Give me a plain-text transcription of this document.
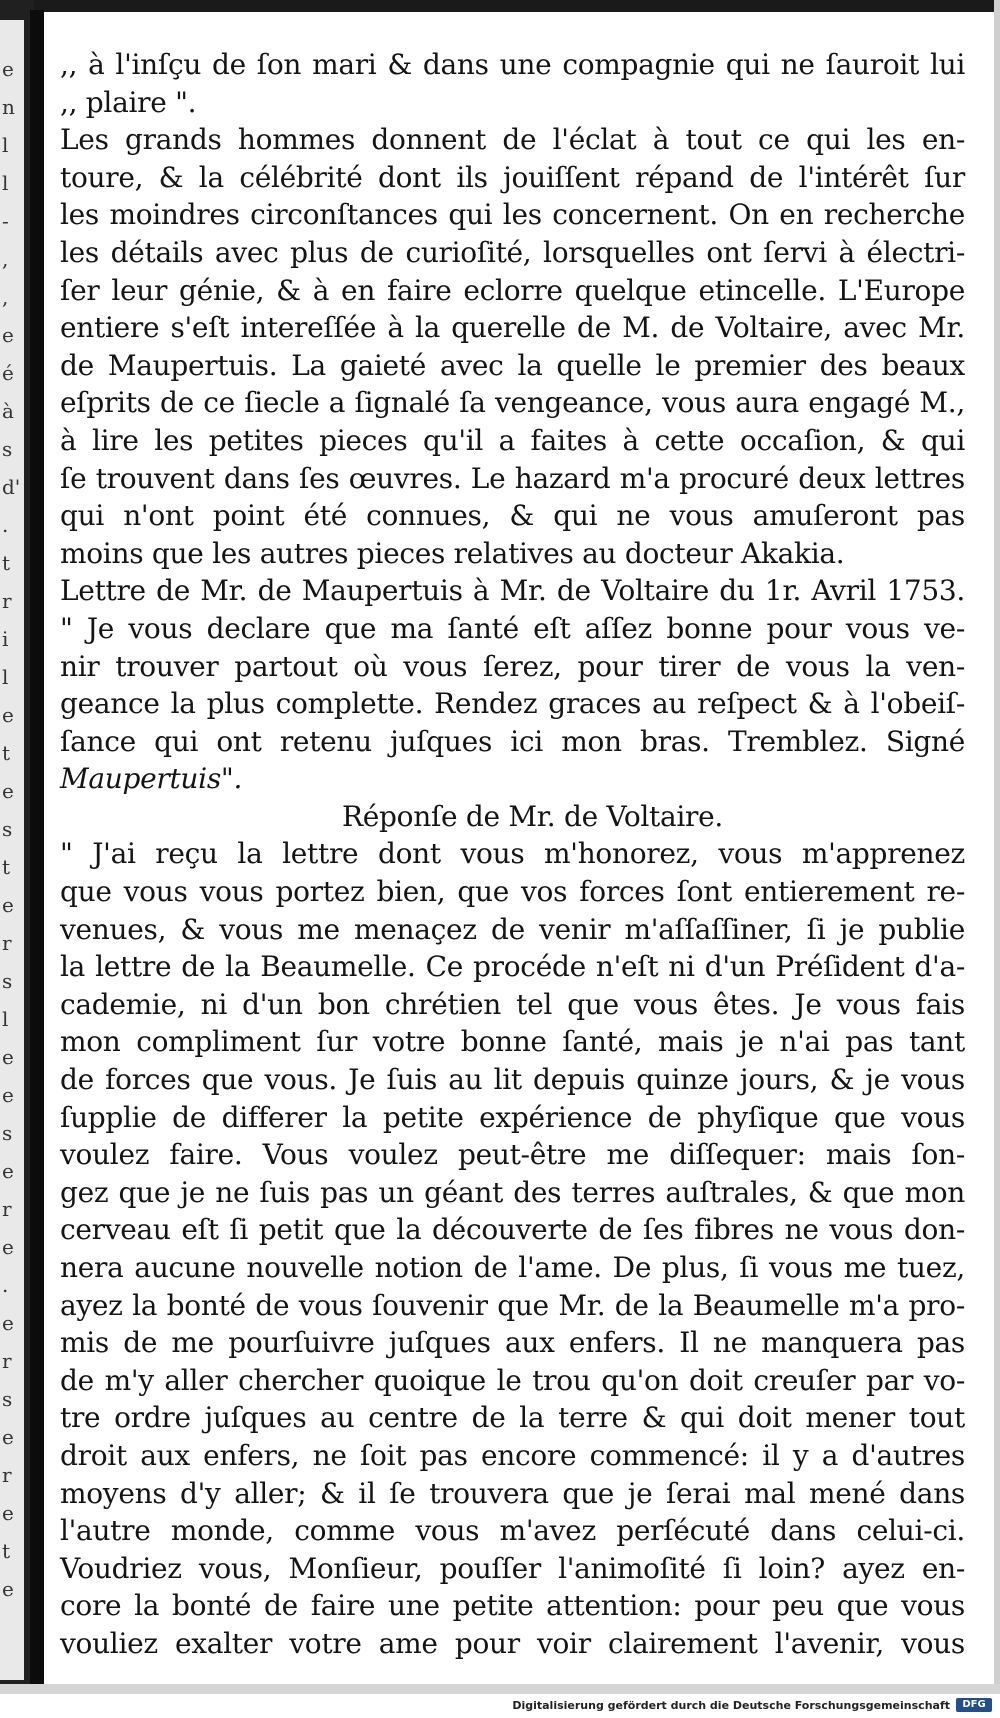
e
n
l
l
-
,
,
e
é
à
s
d'
.
t
r
i
l
e
t
e
s
t
e
r
s
l
e
e
s
e
r
e
.
e
r
s
e
r
e
t
e
,, à l'inſçu de ſon mari & dans une compagnie qui ne ſauroit lui
,, plaire ".
Les grands hommes donnent de l'éclat à tout ce qui les en-
toure, & la célébrité dont ils jouiſſent répand de l'intérêt ſur
les moindres circonſtances qui les concernent. On en recherche
les détails avec plus de curioſité, lorsquelles ont ſervi à électri-
ſer leur génie, & à en faire eclorre quelque etincelle. L'Europe
entiere s'eſt intereſſée à la querelle de M. de Voltaire, avec Mr.
de Maupertuis. La gaieté avec la quelle le premier des beaux
eſprits de ce ſiecle a ſignalé ſa vengeance, vous aura engagé M.,
à lire les petites pieces qu'il a faites à cette occaſion, & qui
ſe trouvent dans ſes œuvres. Le hazard m'a procuré deux lettres
qui n'ont point été connues, & qui ne vous amuſeront pas
moins que les autres pieces relatives au docteur Akakia.
Lettre de Mr. de Maupertuis à Mr. de Voltaire du 1r. Avril 1753.
" Je vous declare que ma ſanté eſt aſſez bonne pour vous ve-
nir trouver partout où vous ſerez, pour tirer de vous la ven-
geance la plus complette. Rendez graces au reſpect & à l'obeiſ-
ſance qui ont retenu juſques ici mon bras. Tremblez. Signé
Maupertuis".
Réponſe de Mr. de Voltaire.
" J'ai reçu la lettre dont vous m'honorez, vous m'apprenez
que vous vous portez bien, que vos forces ſont entierement re-
venues, & vous me menaçez de venir m'aſſaſſiner, ſi je publie
la lettre de la Beaumelle. Ce procéde n'eſt ni d'un Préſident d'a-
cademie, ni d'un bon chrétien tel que vous êtes. Je vous fais
mon compliment ſur votre bonne ſanté, mais je n'ai pas tant
de forces que vous. Je ſuis au lit depuis quinze jours, & je vous
ſupplie de differer la petite expérience de phyſique que vous
voulez faire. Vous voulez peut-être me diſſequer: mais ſon-
gez que je ne ſuis pas un géant des terres auſtrales, & que mon
cerveau eſt ſi petit que la découverte de ſes fibres ne vous don-
nera aucune nouvelle notion de l'ame. De plus, ſi vous me tuez,
ayez la bonté de vous ſouvenir que Mr. de la Beaumelle m'a pro-
mis de me pourſuivre juſques aux enfers. Il ne manquera pas
de m'y aller chercher quoique le trou qu'on doit creuſer par vo-
tre ordre juſques au centre de la terre & qui doit mener tout
droit aux enfers, ne ſoit pas encore commencé: il y a d'autres
moyens d'y aller; & il ſe trouvera que je ſerai mal mené dans
l'autre monde, comme vous m'avez perſécuté dans celui-ci.
Voudriez vous, Monſieur, pouſſer l'animoſité ſi loin? ayez en-
core la bonté de faire une petite attention: pour peu que vous
vouliez exalter votre ame pour voir clairement l'avenir, vous
Digitalisierung gefördert durch die Deutsche Forschungsgemeinschaft	DFG
